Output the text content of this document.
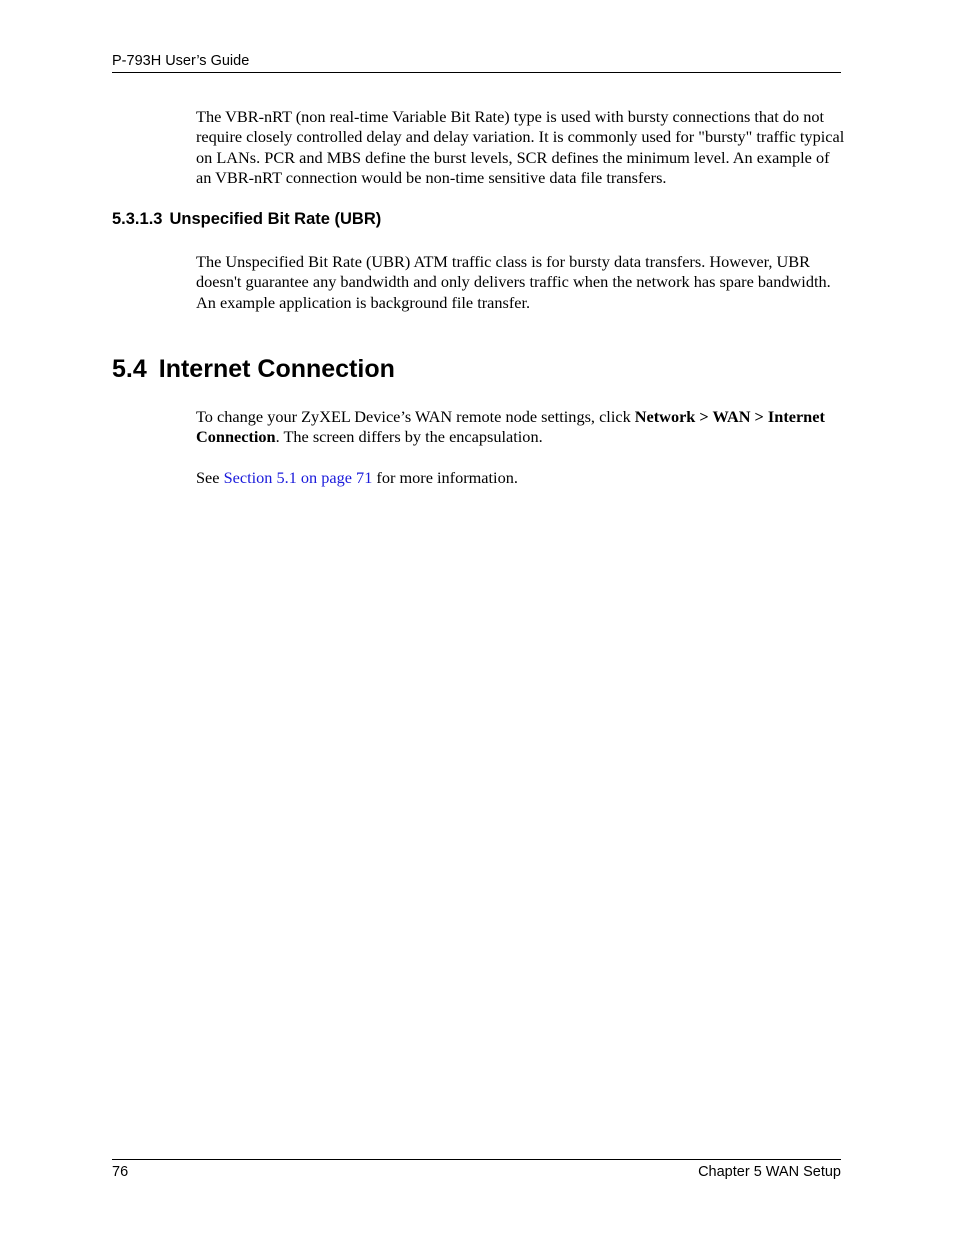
P-793H User’s Guide

The VBR-nRT (non real-time Variable Bit Rate) type is used with bursty connections that do not require closely controlled delay and delay variation. It is commonly used for "bursty" traffic typical on LANs. PCR and MBS define the burst levels, SCR defines the minimum level. An example of an VBR-nRT connection would be non-time sensitive data file transfers.

5.3.1.3 Unspecified Bit Rate (UBR)

The Unspecified Bit Rate (UBR) ATM traffic class is for bursty data transfers. However, UBR doesn't guarantee any bandwidth and only delivers traffic when the network has spare bandwidth. An example application is background file transfer.

5.4 Internet Connection

To change your ZyXEL Device’s WAN remote node settings, click Network > WAN > Internet Connection. The screen differs by the encapsulation.

See Section 5.1 on page 71 for more information.

76	Chapter 5 WAN Setup
